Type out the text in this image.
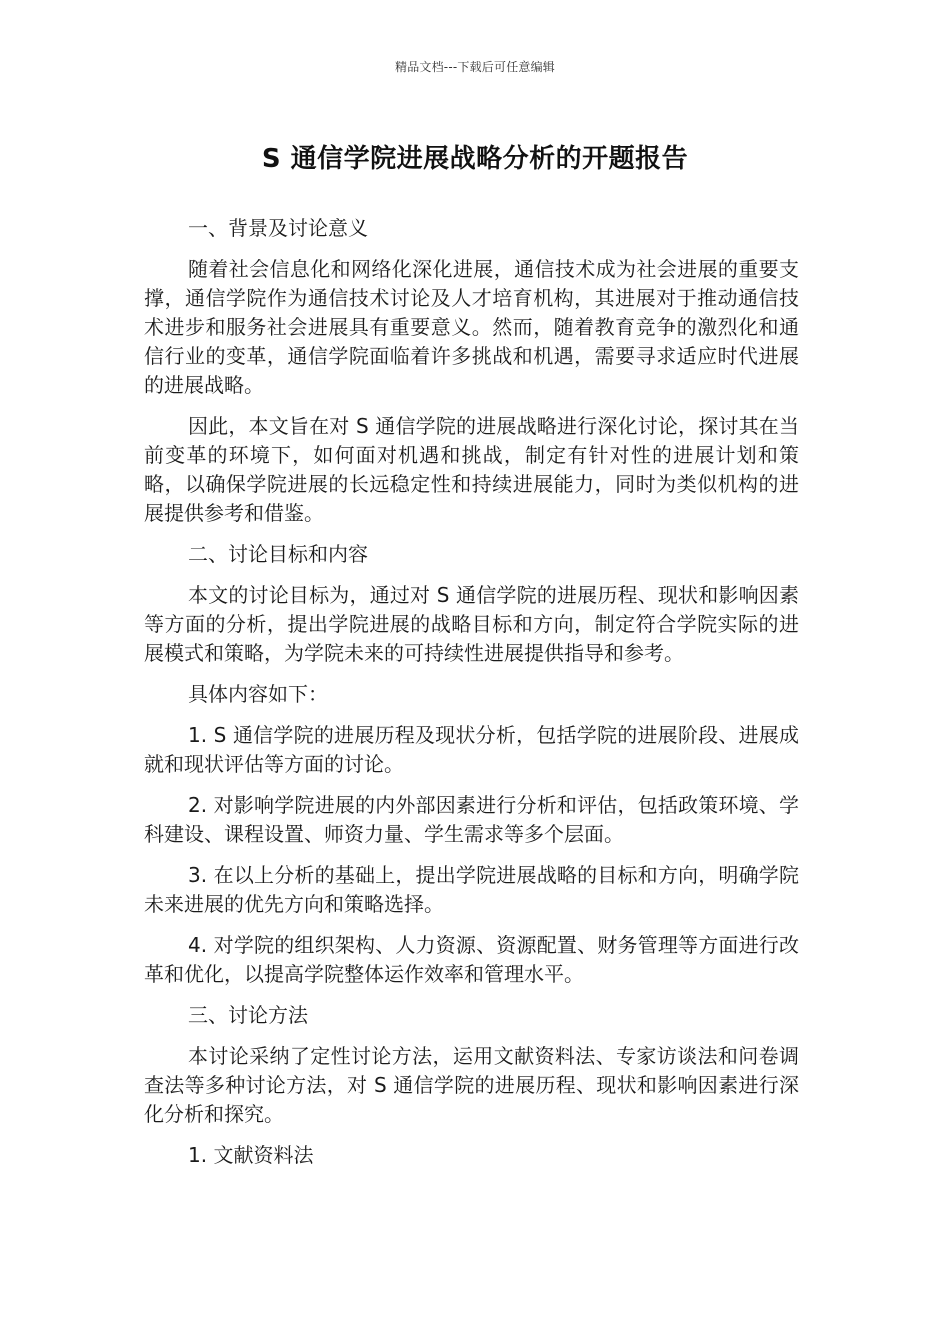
精品文档---下载后可任意编辑
S 通信学院进展战略分析的开题报告

一、背景及讨论意义

随着社会信息化和网络化深化进展，通信技术成为社会进展的重要支撑，通信学院作为通信技术讨论及人才培育机构，其进展对于推动通信技术进步和服务社会进展具有重要意义。然而，随着教育竞争的激烈化和通信行业的变革，通信学院面临着许多挑战和机遇，需要寻求适应时代进展的进展战略。

因此，本文旨在对 S 通信学院的进展战略进行深化讨论，探讨其在当前变革的环境下，如何面对机遇和挑战，制定有针对性的进展计划和策略，以确保学院进展的长远稳定性和持续进展能力，同时为类似机构的进展提供参考和借鉴。

二、讨论目标和内容

本文的讨论目标为，通过对 S 通信学院的进展历程、现状和影响因素等方面的分析，提出学院进展的战略目标和方向，制定符合学院实际的进展模式和策略，为学院未来的可持续性进展提供指导和参考。

具体内容如下：

1. S 通信学院的进展历程及现状分析，包括学院的进展阶段、进展成就和现状评估等方面的讨论。

2. 对影响学院进展的内外部因素进行分析和评估，包括政策环境、学科建设、课程设置、师资力量、学生需求等多个层面。

3. 在以上分析的基础上，提出学院进展战略的目标和方向，明确学院未来进展的优先方向和策略选择。

4. 对学院的组织架构、人力资源、资源配置、财务管理等方面进行改革和优化，以提高学院整体运作效率和管理水平。

三、讨论方法

本讨论采纳了定性讨论方法，运用文献资料法、专家访谈法和问卷调查法等多种讨论方法，对 S 通信学院的进展历程、现状和影响因素进行深化分析和探究。

1. 文献资料法
